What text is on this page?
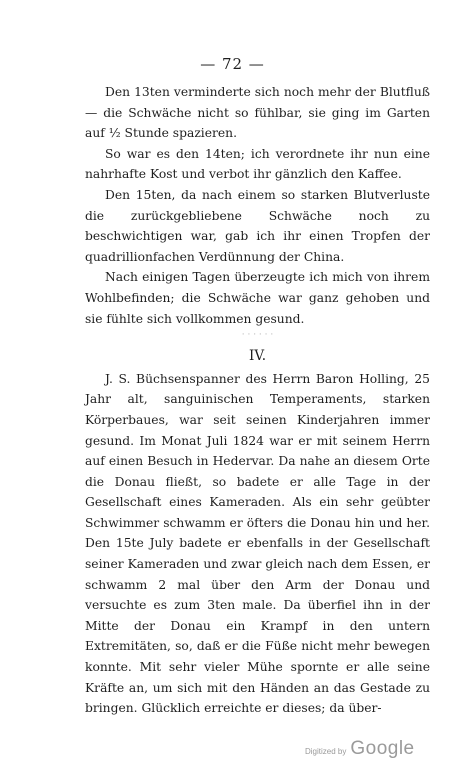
— 72 —

Den 13ten verminderte sich noch mehr der Blutfluß — die Schwäche nicht so fühlbar, sie ging im Garten auf ½ Stunde spazieren.

So war es den 14ten; ich verordnete ihr nun eine nahrhafte Kost und verbot ihr gänzlich den Kaffee.

Den 15ten, da nach einem so starken Blutverluste die zurückgebliebene Schwäche noch zu beschwichtigen war, gab ich ihr einen Tropfen der quadrillionfachen Verdünnung der China.

Nach einigen Tagen überzeugte ich mich von ihrem Wohlbefinden; die Schwäche war ganz gehoben und sie fühlte sich vollkommen gesund.

· · · · · ·

IV.

J. S. Büchsenspanner des Herrn Baron Holling, 25 Jahr alt, sanguinischen Temperaments, starken Körperbaues, war seit seinen Kinderjahren immer gesund. Im Monat Juli 1824 war er mit seinem Herrn auf einen Besuch in Hedervar. Da nahe an diesem Orte die Donau fließt, so badete er alle Tage in der Gesellschaft eines Kameraden. Als ein sehr geübter Schwimmer schwamm er öfters die Donau hin und her. Den 15te July badete er ebenfalls in der Gesellschaft seiner Kameraden und zwar gleich nach dem Essen, er schwamm 2 mal über den Arm der Donau und versuchte es zum 3ten male. Da überfiel ihn in der Mitte der Donau ein Krampf in den untern Extremitäten, so, daß er die Füße nicht mehr bewegen konnte. Mit sehr vieler Mühe spornte er alle seine Kräfte an, um sich mit den Händen an das Gestade zu bringen. Glücklich erreichte er dieses; da über-

Digitized by Google
